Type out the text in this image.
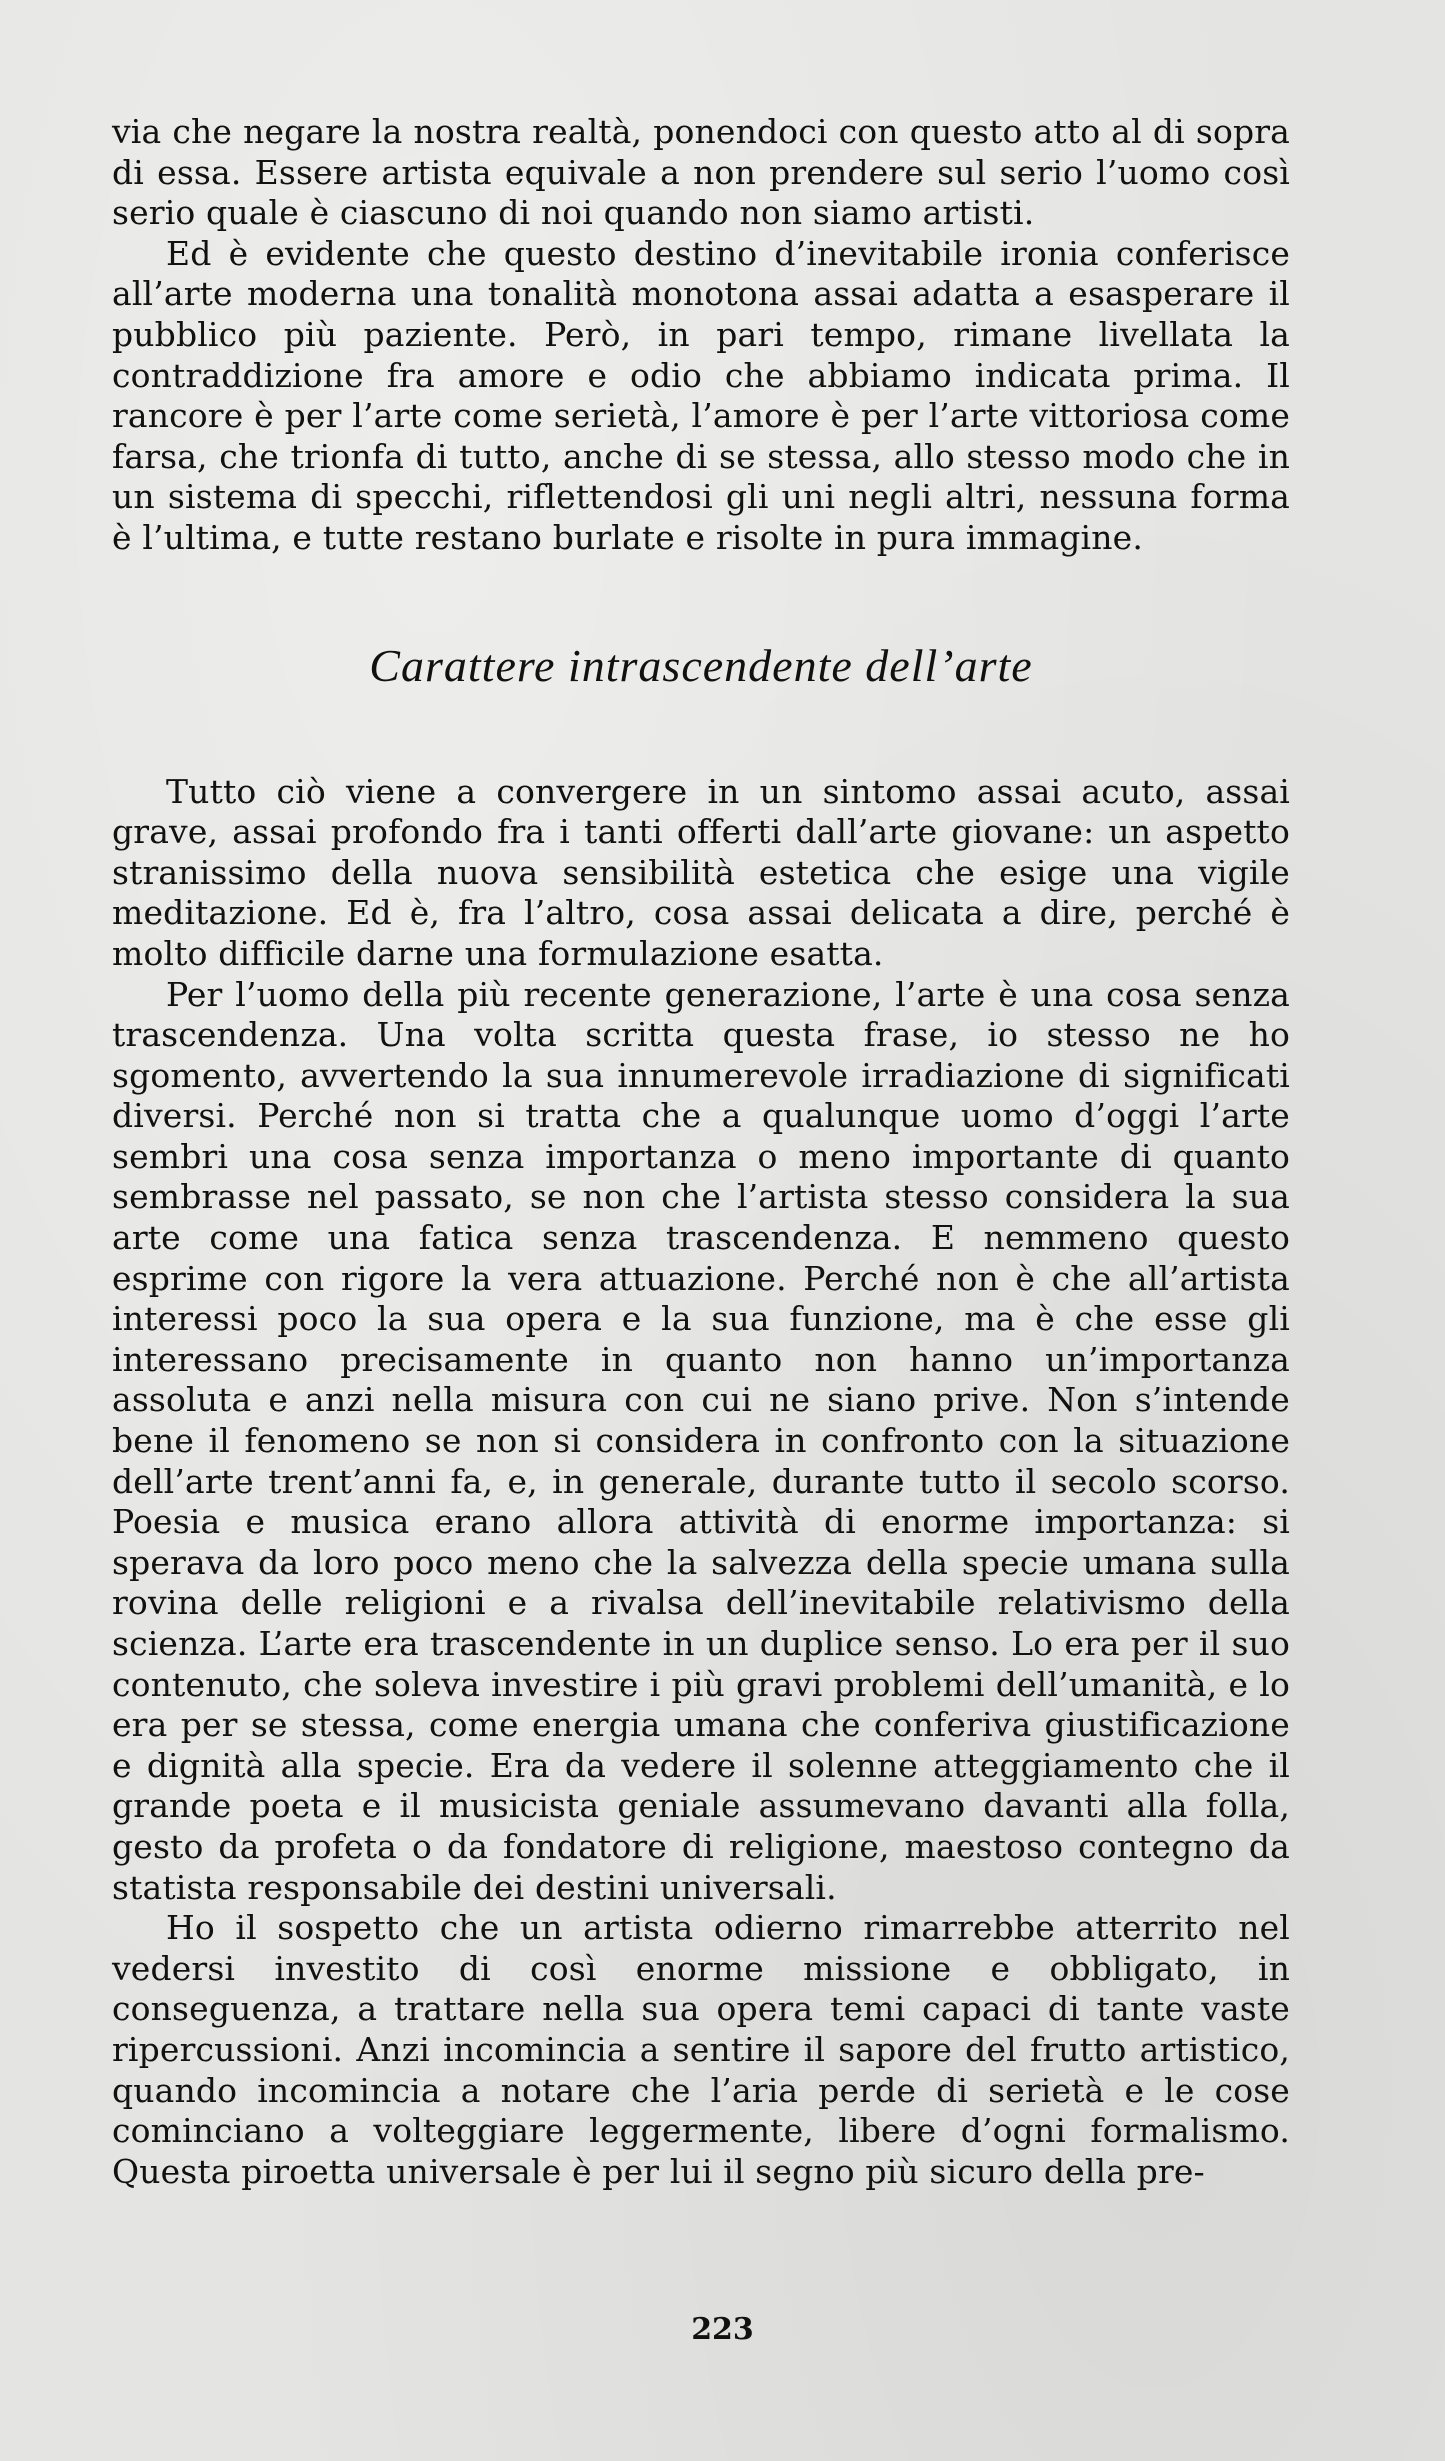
via che negare la nostra realtà, ponendoci con questo atto al di sopra di essa. Essere artista equivale a non prendere sul serio l’uomo così serio quale è ciascuno di noi quando non siamo artisti.

Ed è evidente che questo destino d’inevitabile ironia conferisce all’arte moderna una tonalità monotona assai adatta a esasperare il pubblico più paziente. Però, in pari tempo, rimane livellata la contraddizione fra amore e odio che abbiamo indicata prima. Il rancore è per l’arte come serietà, l’amore è per l’arte vittoriosa come farsa, che trionfa di tutto, anche di se stessa, allo stesso modo che in un sistema di specchi, riflettendosi gli uni negli altri, nessuna forma è l’ultima, e tutte restano burlate e risolte in pura immagine.

Carattere intrascendente dell’arte

Tutto ciò viene a convergere in un sintomo assai acuto, assai grave, assai profondo fra i tanti offerti dall’arte giovane: un aspetto stranissimo della nuova sensibilità estetica che esige una vigile meditazione. Ed è, fra l’altro, cosa assai delicata a dire, perché è molto difficile darne una formulazione esatta.

Per l’uomo della più recente generazione, l’arte è una cosa senza trascendenza. Una volta scritta questa frase, io stesso ne ho sgomento, avvertendo la sua innumerevole irradiazione di significati diversi. Perché non si tratta che a qualunque uomo d’oggi l’arte sembri una cosa senza importanza o meno importante di quanto sembrasse nel passato, se non che l’artista stesso considera la sua arte come una fatica senza trascendenza. E nemmeno questo esprime con rigore la vera attuazione. Perché non è che all’artista interessi poco la sua opera e la sua funzione, ma è che esse gli interessano precisamente in quanto non hanno un’importanza assoluta e anzi nella misura con cui ne siano prive. Non s’intende bene il fenomeno se non si considera in confronto con la situazione dell’arte trent’anni fa, e, in generale, durante tutto il secolo scorso. Poesia e musica erano allora attività di enorme importanza: si sperava da loro poco meno che la salvezza della specie umana sulla rovina delle religioni e a rivalsa dell’inevitabile relativismo della scienza. L’arte era trascendente in un duplice senso. Lo era per il suo contenuto, che soleva investire i più gravi problemi dell’umanità, e lo era per se stessa, come energia umana che conferiva giustificazione e dignità alla specie. Era da vedere il solenne atteggiamento che il grande poeta e il musicista geniale assumevano davanti alla folla, gesto da profeta o da fondatore di religione, maestoso contegno da statista responsabile dei destini universali.

Ho il sospetto che un artista odierno rimarrebbe atterrito nel vedersi investito di così enorme missione e obbligato, in conseguenza, a trattare nella sua opera temi capaci di tante vaste ripercussioni. Anzi incomincia a sentire il sapore del frutto artistico, quando incomincia a notare che l’aria perde di serietà e le cose cominciano a volteggiare leggermente, libere d’ogni formalismo. Questa piroetta universale è per lui il segno più sicuro della pre-

223
